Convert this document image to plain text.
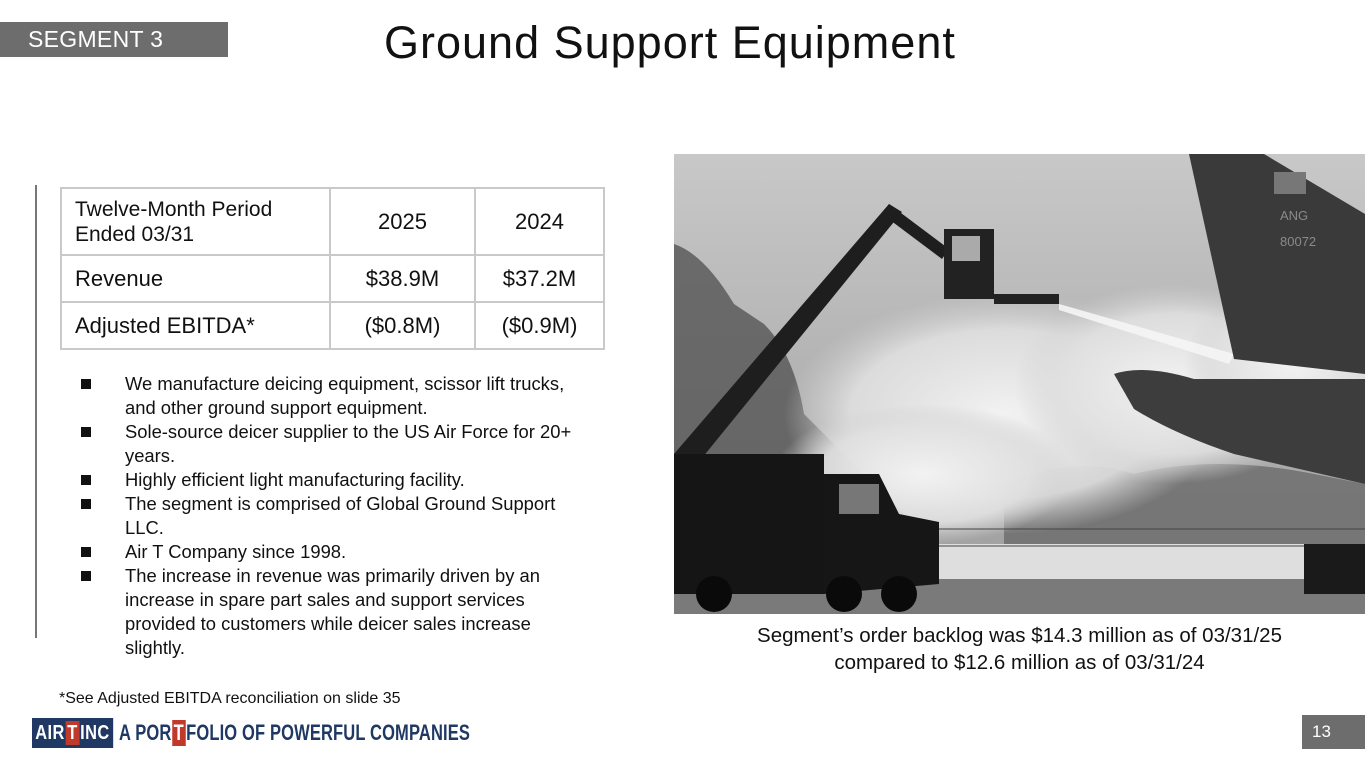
SEGMENT 3	Ground Support Equipment
Twelve-Month Period Ended 03/31	2025	2024
Revenue	$38.9M	$37.2M
Adjusted EBITDA*	($0.8M)	($0.9M)
We manufacture deicing equipment, scissor lift trucks, and other ground support equipment.
Sole-source deicer supplier to the US Air Force for 20+ years.
Highly efficient light manufacturing facility.
The segment is comprised of Global Ground Support LLC.
Air T Company since 1998.
The increase in revenue was primarily driven by an increase in spare part sales and support services provided to customers while deicer sales increase slightly.
ANG
80072
Segment’s order backlog was $14.3 million as of 03/31/25
compared to $12.6 million as of 03/31/24
*See Adjusted EBITDA reconciliation on slide 35
AIR T INC A POR T FOLIO OF POWERFUL COMPANIES	13
